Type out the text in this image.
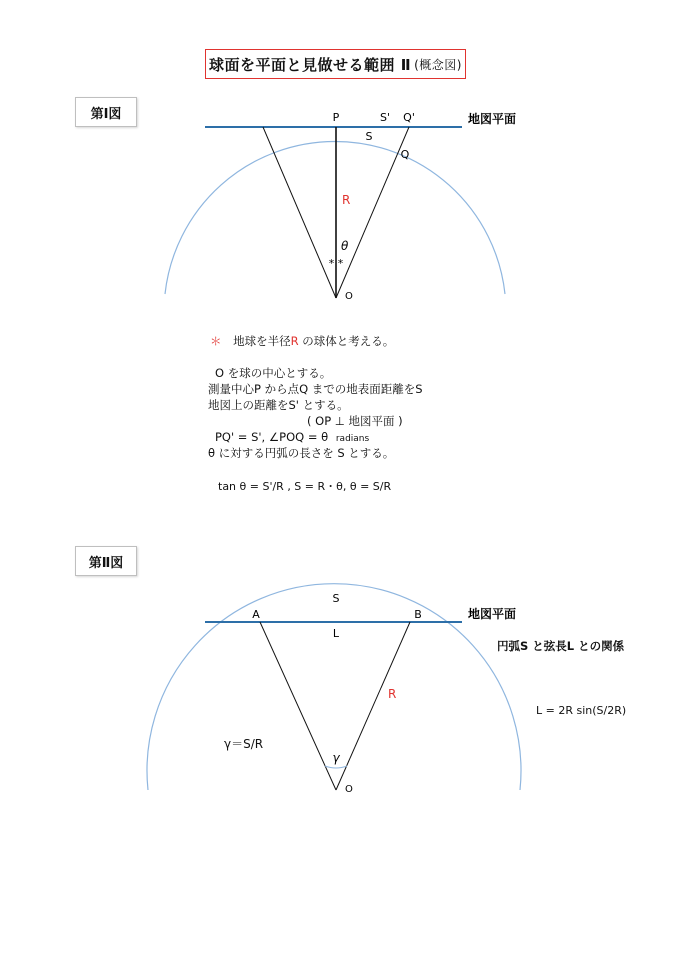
球面を平面と見做せる範囲 Ⅱ (概念図)
第Ⅰ図
第Ⅱ図
P	S' Q'	地図平面
S
Q
R
θ
* *
O
S
A	B	地図平面
L
R
γ
O
＊ 地球を半径R の球体と考える。
O を球の中心とする。
測量中心P から点Q までの地表面距離をS
地図上の距離をS' とする。
( OP ⊥ 地図平面 )
PQ' = S', ∠POQ = θ radians
θ に対する円弧の長さを S とする。
tan θ = S'/R , S = R・θ, θ = S/R
円弧S と弦長L との関係
L = 2R sin(S/2R)
γ＝S/R
